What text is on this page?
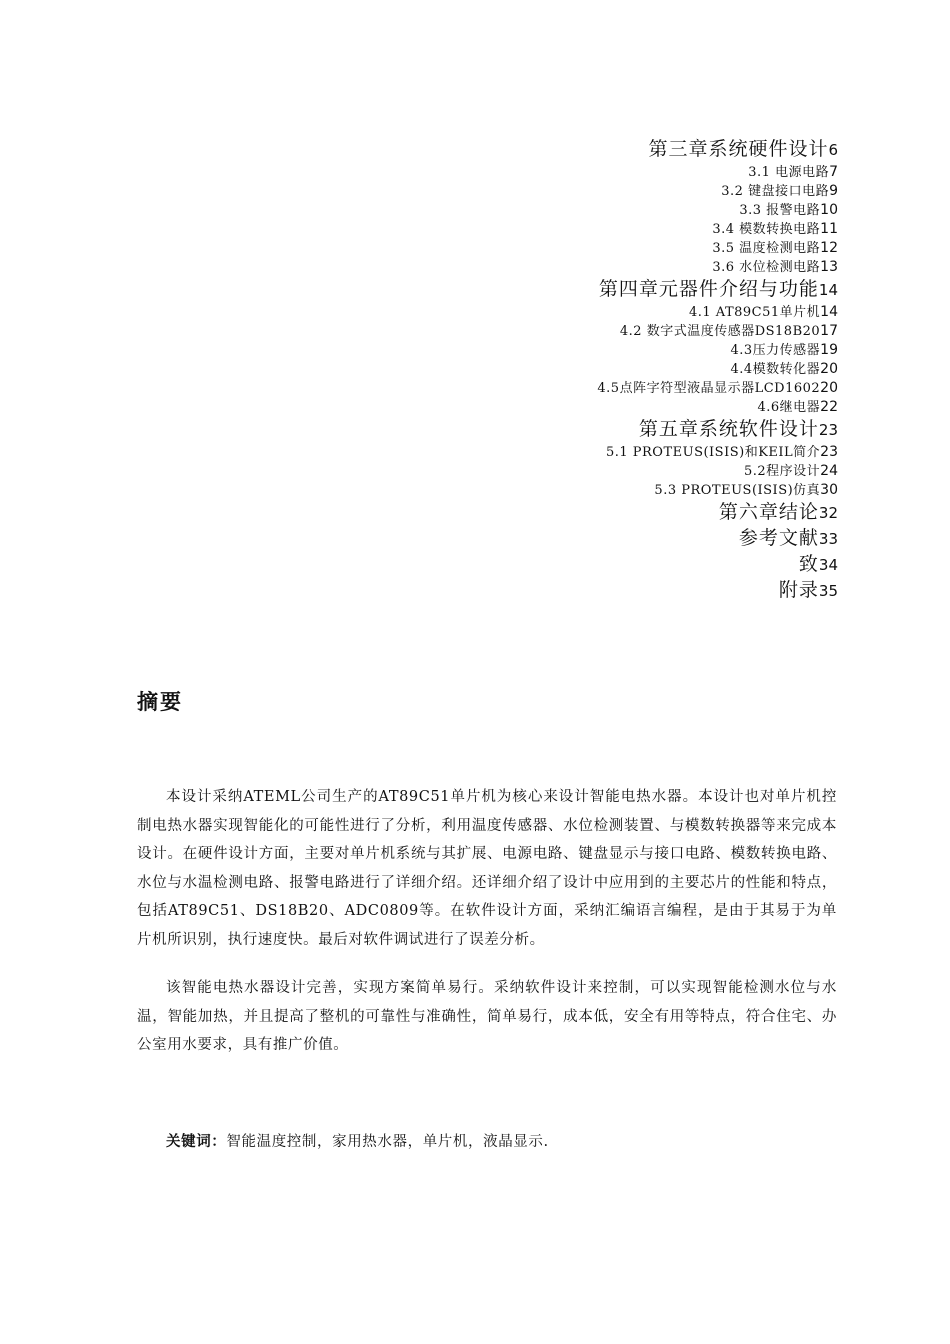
第三章系统硬件设计6
3.1 电源电路7
3.2 键盘接口电路9
3.3 报警电路10
3.4 模数转换电路11
3.5 温度检测电路12
3.6 水位检测电路13
第四章元器件介绍与功能14
4.1 AT89C51单片机14
4.2 数字式温度传感器DS18B2017
4.3压力传感器19
4.4模数转化器20
4.5点阵字符型液晶显示器LCD160220
4.6继电器22
第五章系统软件设计23
5.1 PROTEUS(ISIS)和KEIL简介23
5.2程序设计24
5.3 PROTEUS(ISIS)仿真30
第六章结论32
参考文献33
致34
附录35
摘要

本设计采纳ATEML公司生产的AT89C51单片机为核心来设计智能电热水器。本设计也对单片机控制电热水器实现智能化的可能性进行了分析，利用温度传感器、水位检测装置、与模数转换器等来完成本设计。在硬件设计方面，主要对单片机系统与其扩展、电源电路、键盘显示与接口电路、模数转换电路、水位与水温检测电路、报警电路进行了详细介绍。还详细介绍了设计中应用到的主要芯片的性能和特点，包括AT89C51、DS18B20、ADC0809等。在软件设计方面，采纳汇编语言编程，是由于其易于为单片机所识别，执行速度快。最后对软件调试进行了误差分析。

该智能电热水器设计完善，实现方案简单易行。采纳软件设计来控制，可以实现智能检测水位与水温，智能加热，并且提高了整机的可靠性与准确性，简单易行，成本低，安全有用等特点，符合住宅、办公室用水要求，具有推广价值。

关键词：智能温度控制，家用热水器，单片机，液晶显示.
